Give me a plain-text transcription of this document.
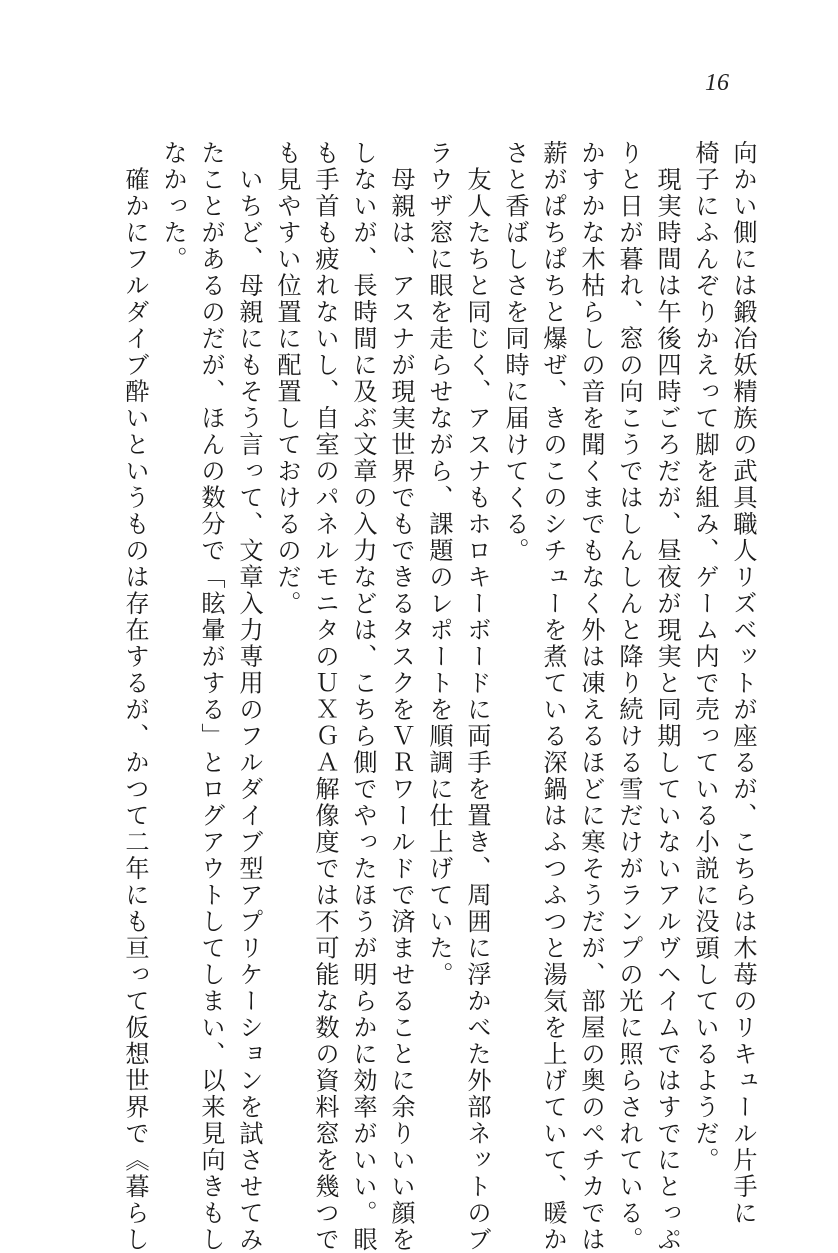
16
向かい側には鍛冶妖精族の武具職人リズベットが座るが、こちらは木苺のリキュール片手に
椅子にふんぞりかえって脚を組み、ゲーム内で売っている小説に没頭しているようだ。
　現実時間は午後四時ごろだが、昼夜が現実と同期していないアルヴヘイムではすでにとっぷ
りと日が暮れ、窓の向こうではしんしんと降り続ける雪だけがランプの光に照らされている。
かすかな木枯らしの音を聞くまでもなく外は凍えるほどに寒そうだが、部屋の奥のペチカでは
薪がぱちぱちと爆ぜ、きのこのシチューを煮ている深鍋はふつふつと湯気を上げていて、暖か
さと香ばしさを同時に届けてくる。
　友人たちと同じく、アスナもホロキーボードに両手を置き、周囲に浮かべた外部ネットのブ
ラウザ窓に眼を走らせながら、課題のレポートを順調に仕上げていた。
　母親は、アスナが現実世界でもできるタスクをＶＲワールドで済ませることに余りいい顔を
しないが、長時間に及ぶ文章の入力などは、こちら側でやったほうが明らかに効率がいい。眼
も手首も疲れないし、自室のパネルモニタのＵＸＧＡ解像度では不可能な数の資料窓を幾つで
も見やすい位置に配置しておけるのだ。
　いちど、母親にもそう言って、文章入力専用のフルダイブ型アプリケーションを試させてみ
たことがあるのだが、ほんの数分で「眩暈がする」とログアウトしてしまい、以来見向きもし
なかった。
　確かにフルダイブ酔いというものは存在するが、かつて二年にも亘って仮想世界で《暮らし
